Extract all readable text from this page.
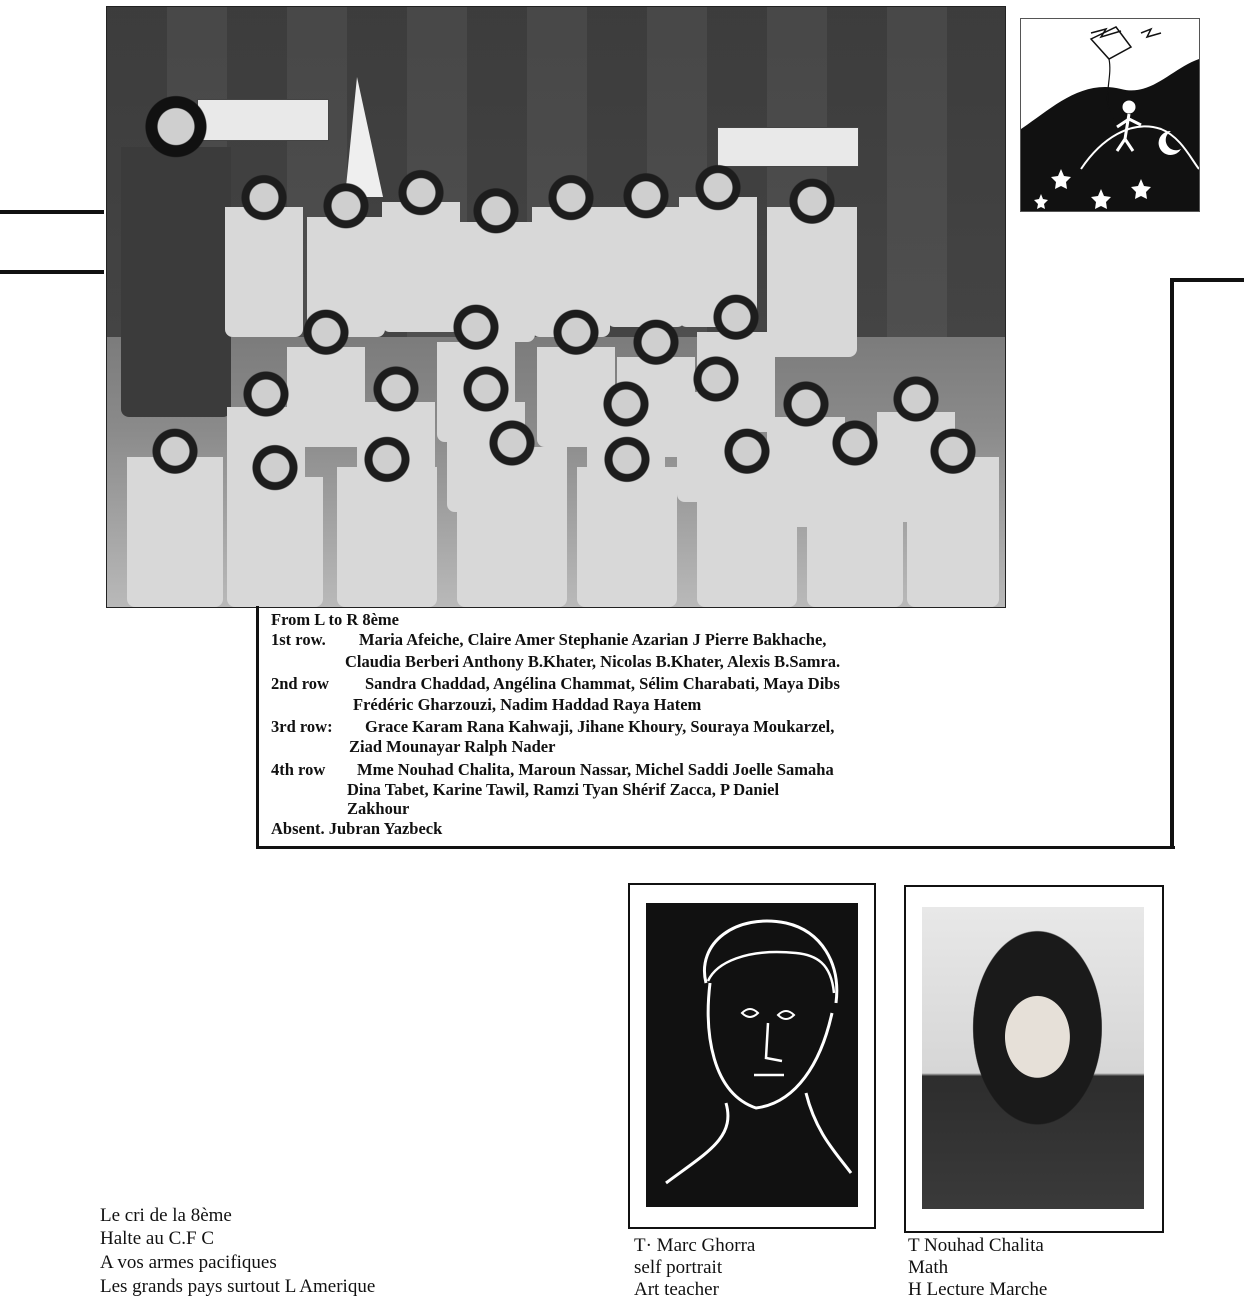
From L to R 8ème
1st row. Maria Afeiche, Claire Amer Stephanie Azarian J Pierre Bakhache,
Claudia Berberi Anthony B.Khater, Nicolas B.Khater, Alexis B.Samra.
2nd row Sandra Chaddad, Angélina Chammat, Sélim Charabati, Maya Dibs
Frédéric Gharzouzi, Nadim Haddad Raya Hatem
3rd row: Grace Karam Rana Kahwaji, Jihane Khoury, Souraya Moukarzel,
Ziad Mounayar Ralph Nader
4th row Mme Nouhad Chalita, Maroun Nassar, Michel Saddi Joelle Samaha
Dina Tabet, Karine Tawil, Ramzi Tyan Shérif Zacca, P Daniel
Zakhour
Absent. Jubran Yazbeck
Le cri de la 8ème
Halte au C.F C
A vos armes pacifiques
Les grands pays surtout L Amerique
T· Marc Ghorra
self portrait
Art teacher
T Nouhad Chalita
Math
H Lecture Marche
